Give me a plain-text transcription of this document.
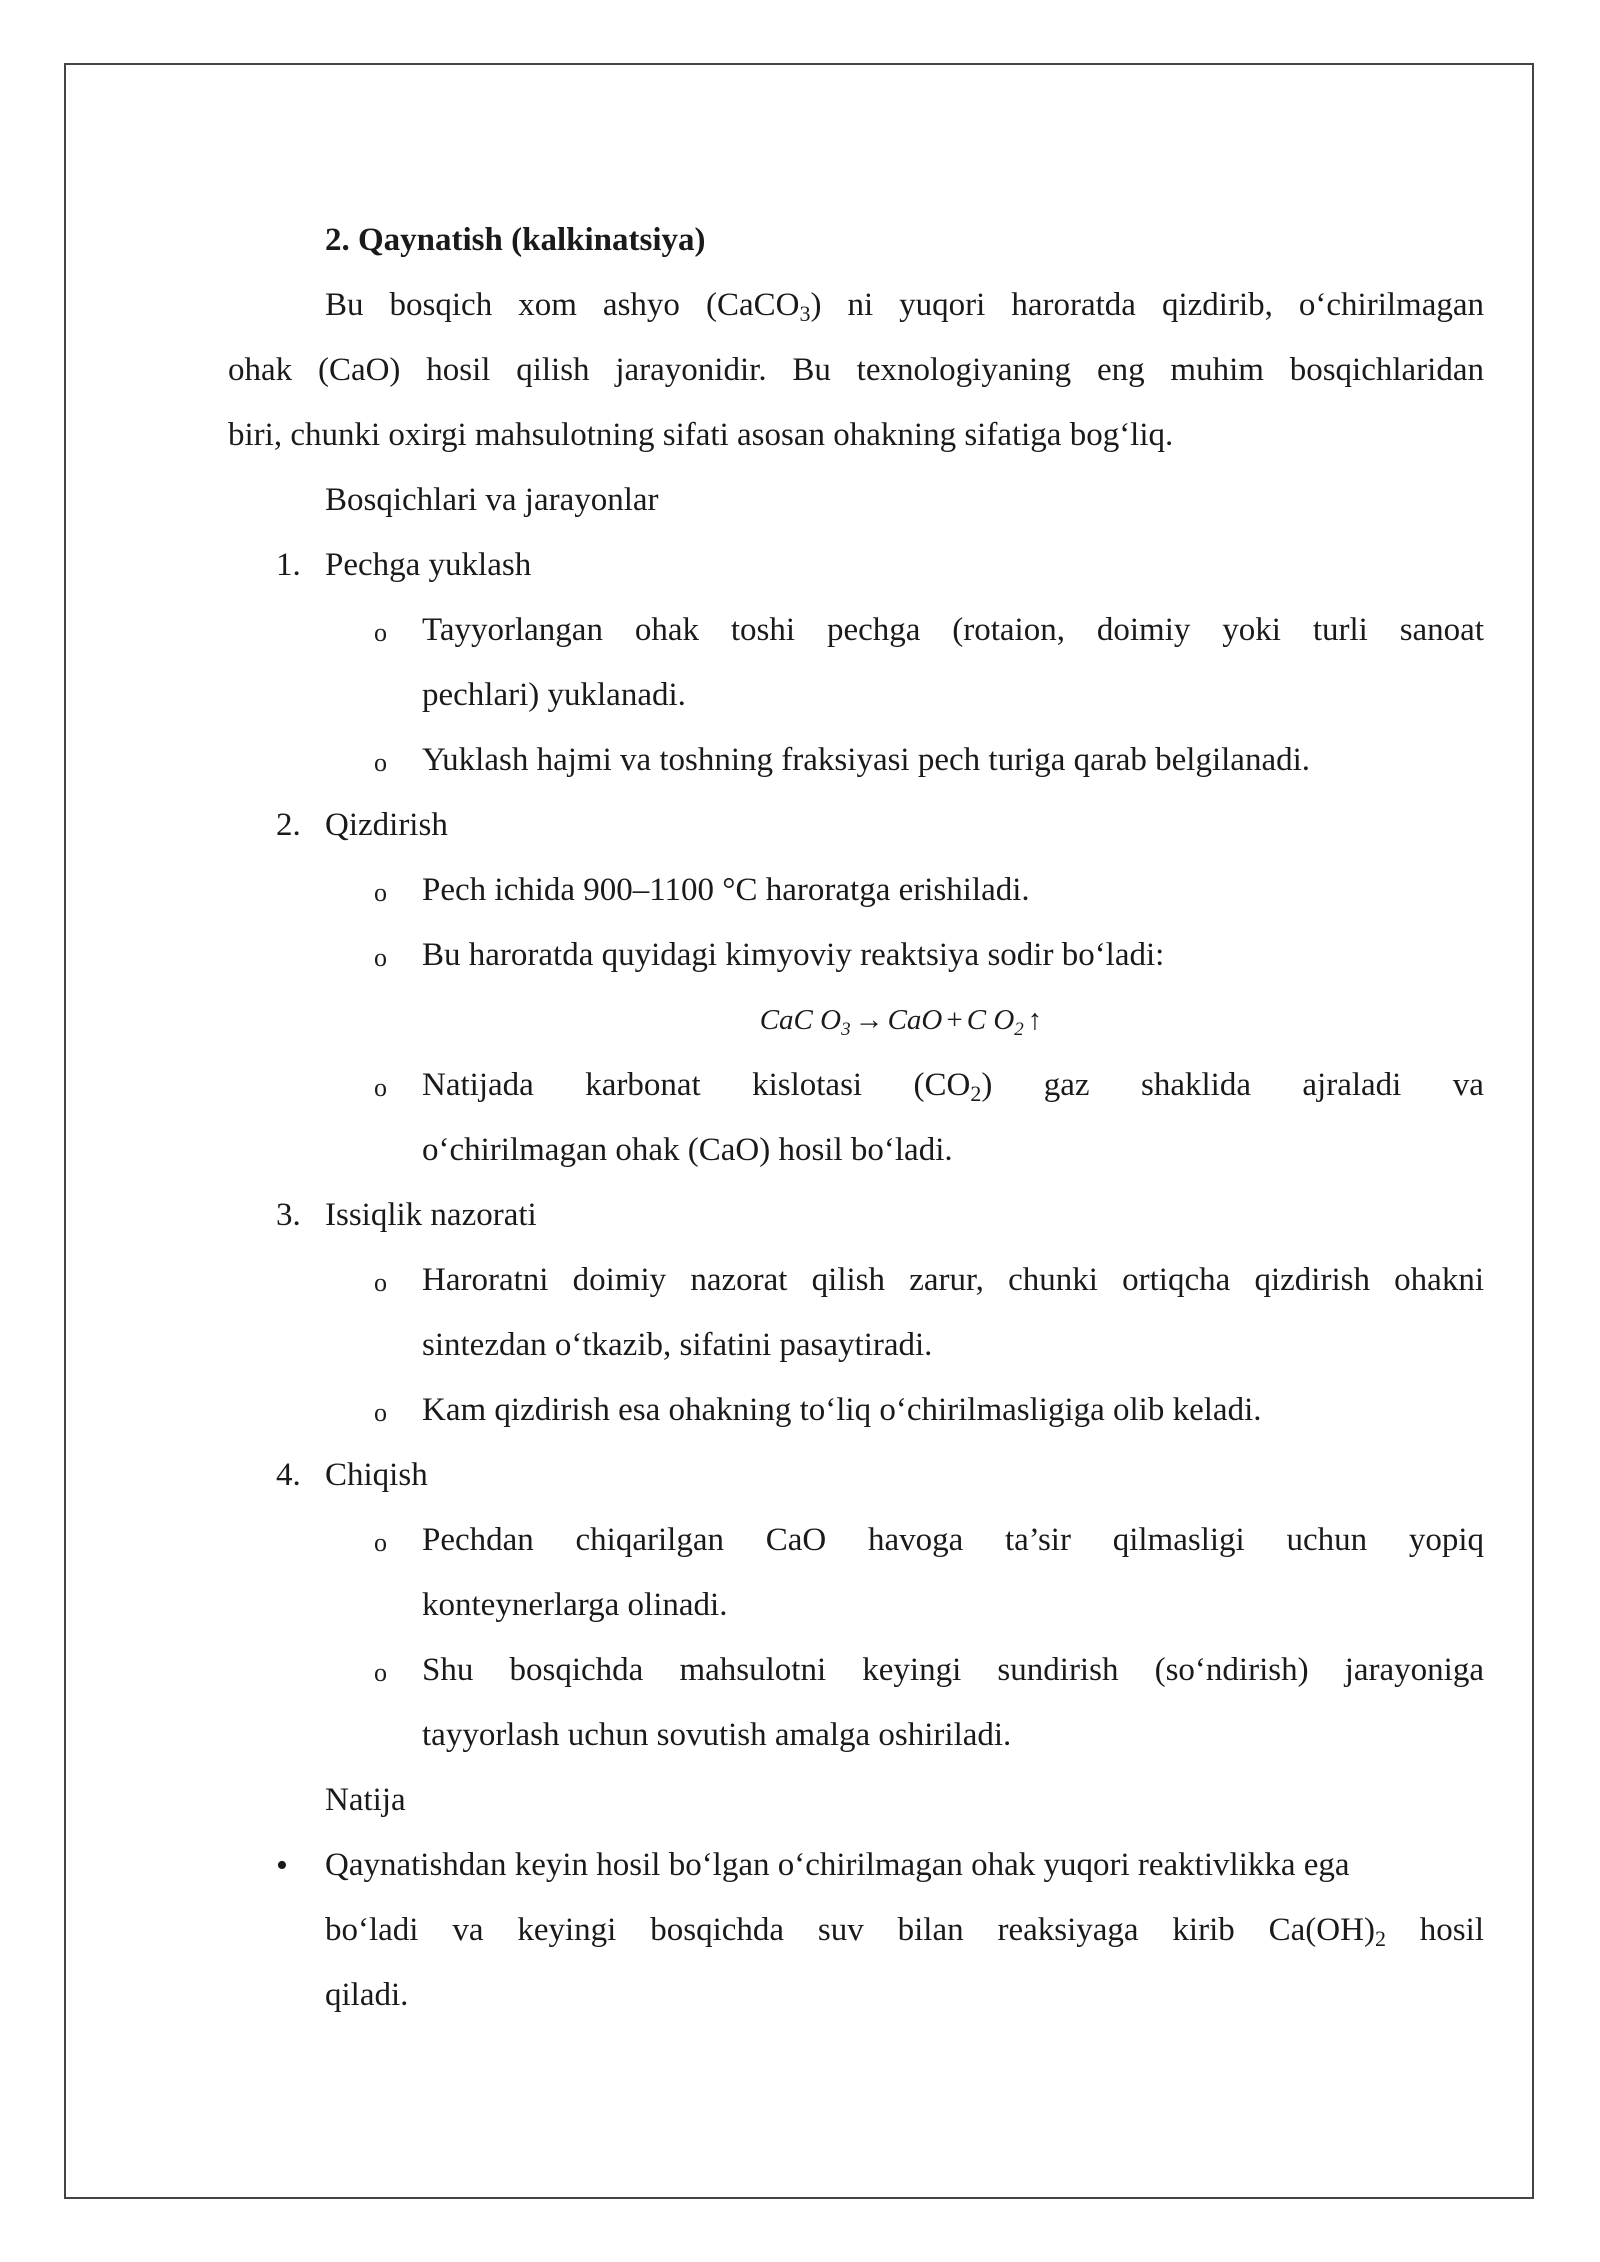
2. Qaynatish (kalkinatsiya)
Bu bosqich xom ashyo (CaCO$_3$) ni yuqori haroratda qizdirib, o‘chirilmagan
ohak (CaO) hosil qilish jarayonidir. Bu texnologiyaning eng muhim bosqichlaridan
biri, chunki oxirgi mahsulotning sifati asosan ohakning sifatiga bog‘liq.
Bosqichlari va jarayonlar
1. Pechga yuklash
o Tayyorlangan ohak toshi pechga (rotaion, doimiy yoki turli sanoat
pechlari) yuklanadi.
o Yuklash hajmi va toshning fraksiyasi pech turiga qarab belgilanadi.
2. Qizdirish
o Pech ichida 900–1100 °C haroratga erishiladi.
o Bu haroratda quyidagi kimyoviy reaktsiya sodir bo‘ladi:
CaC $O_3$ → CaO + C $O_2$ ↑
o Natijada karbonat kislotasi $(CO_2)$ gaz shaklida ajraladi va
o‘chirilmagan ohak (CaO) hosil bo‘ladi.
3. Issiqlik nazorati
o Haroratni doimiy nazorat qilish zarur, chunki ortiqcha qizdirish ohakni
sintezdan o‘tkazib, sifatini pasaytiradi.
o Kam qizdirish esa ohakning to‘liq o‘chirilmasligiga olib keladi.
4. Chiqish
o Pechdan chiqarilgan CaO havoga ta’sir qilmasligi uchun yopiq
konteynerlarga olinadi.
o Shu bosqichda mahsulotni keyingi sundirish (so‘ndirish) jarayoniga
tayyorlash uchun sovutish amalga oshiriladi.
Natija
• Qaynatishdan keyin hosil bo‘lgan o‘chirilmagan ohak yuqori reaktivlikka ega
bo‘ladi va keyingi bosqichda suv bilan reaksiyaga kirib $Ca(OH)_2$ hosil
qiladi.
